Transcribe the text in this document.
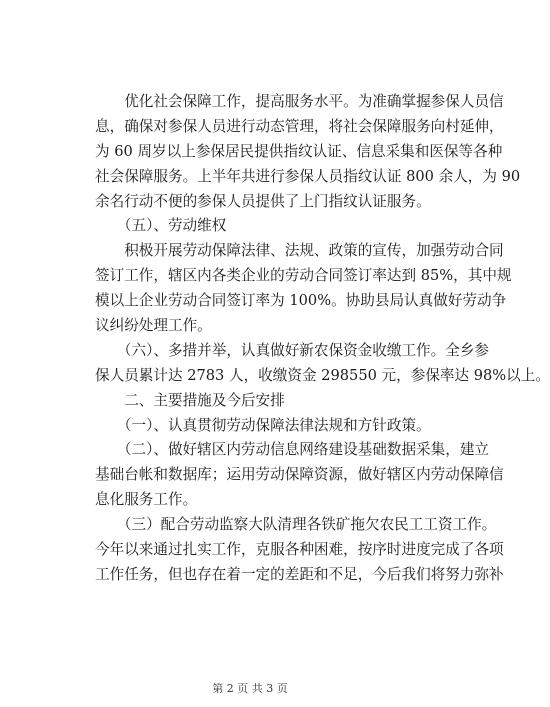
　　优化社会保障工作，提高服务水平。为准确掌握参保人员信
息，确保对参保人员进行动态管理，将社会保障服务向村延伸，
为 60 周岁以上参保居民提供指纹认证、信息采集和医保等各种
社会保障服务。上半年共进行参保人员指纹认证 800 余人，为 90
余名行动不便的参保人员提供了上门指纹认证服务。
　　（五）、劳动维权
　　积极开展劳动保障法律、法规、政策的宣传，加强劳动合同
签订工作，辖区内各类企业的劳动合同签订率达到 85%，其中规
模以上企业劳动合同签订率为 100%。协助县局认真做好劳动争
议纠纷处理工作。
　　（六）、多措并举，认真做好新农保资金收缴工作。全乡参
保人员累计达 2783 人，收缴资金 298550 元，参保率达 98%以上。
　　二、主要措施及今后安排
　　（一）、认真贯彻劳动保障法律法规和方针政策。
　　（二）、做好辖区内劳动信息网络建设基础数据采集，建立
基础台帐和数据库；运用劳动保障资源，做好辖区内劳动保障信
息化服务工作。
　　（三）配合劳动监察大队清理各铁矿拖欠农民工工资工作。
今年以来通过扎实工作，克服各种困难，按序时进度完成了各项
工作任务，但也存在着一定的差距和不足，今后我们将努力弥补
第 2 页 共 3 页
